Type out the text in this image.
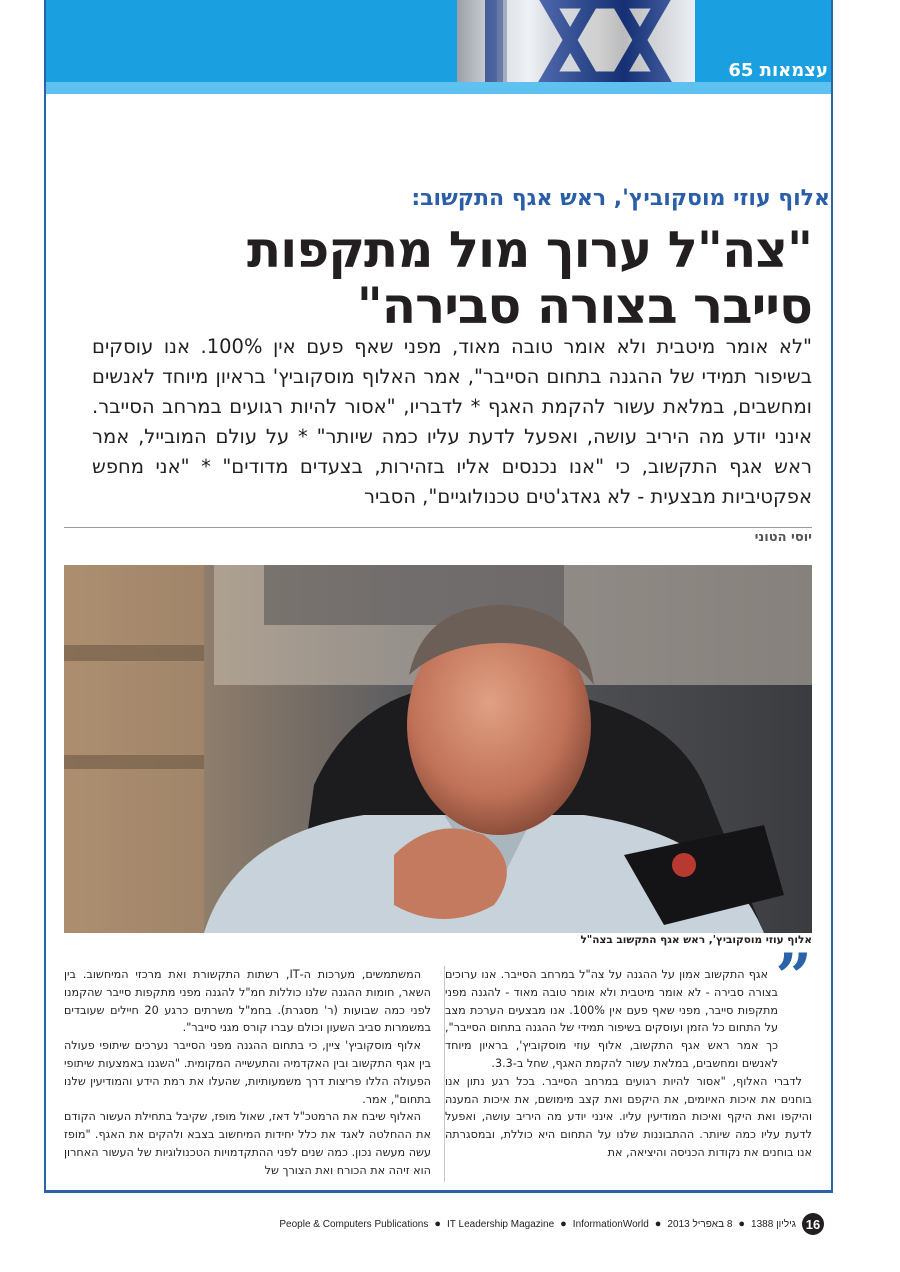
עצמאות 65
אלוף עוזי מוסקוביץ', ראש אגף התקשוב:
"צה"ל ערוך מול מתקפות סייבר בצורה סבירה"
"לא אומר מיטבית ולא אומר טובה מאוד, מפני שאף פעם אין 100%. אנו עוסקים בשיפור תמידי של ההגנה בתחום הסייבר", אמר האלוף מוסקוביץ' בראיון מיוחד לאנשים ומחשבים, במלאת עשור להקמת האגף * לדבריו, "אסור להיות רגועים במרחב הסייבר. אינני יודע מה היריב עושה, ואפעל לדעת עליו כמה שיותר" * על עולם המובייל, אמר ראש אגף התקשוב, כי "אנו נכנסים אליו בזהירות, בצעדים מדודים" * "אני מחפש אפקטיביות מבצעית - לא גאדג'טים טכנולוגיים", הסביר
יוסי הטוני
אלוף עוזי מוסקוביץ', ראש אגף התקשוב בצה"ל
”

אגף התקשוב אמון על ההגנה על צה"ל במרחב הסייבר. אנו ערוכים בצורה סבירה - לא אומר מיטבית ולא אומר טובה מאוד - להגנה מפני מתקפות סייבר, מפני שאף פעם אין 100%. אנו מבצעים הערכת מצב על התחום כל הזמן ועוסקים בשיפור תמידי של ההגנה בתחום הסייבר", כך אמר ראש אגף התקשוב, אלוף עוזי מוסקוביץ', בראיון מיוחד לאנשים ומחשבים, במלאת עשור להקמת האגף, שחל ב-3.3.

לדברי האלוף, "אסור להיות רגועים במרחב הסייבר. בכל רגע נתון אנו בוחנים את איכות האיומים, את היקפם ואת קצב מימושם, את איכות המענה והיקפו ואת היקף ואיכות המודיעין עליו. אינני יודע מה היריב עושה, ואפעל לדעת עליו כמה שיותר. ההתבוננות שלנו על התחום היא כוללת, ובמסגרתה אנו בוחנים את נקודות הכניסה והיציאה, את

המשתמשים, מערכות ה-IT, רשתות התקשורת ואת מרכזי המיחשוב. בין השאר, חומות ההגנה שלנו כוללות חמ"ל להגנה מפני מתקפות סייבר שהקמנו לפני כמה שבועות (ר' מסגרת). בחמ"ל משרתים כרגע 20 חיילים שעובדים במשמרות סביב השעון וכולם עברו קורס מגני סייבר".

אלוף מוסקוביץ' ציין, כי בתחום ההגנה מפני הסייבר נערכים שיתופי פעולה בין אגף התקשוב ובין האקדמיה והתעשייה המקומית. "השגנו באמצעות שיתופי הפעולה הללו פריצות דרך משמעותיות, שהעלו את רמת הידע והמודיעין שלנו בתחום", אמר.

האלוף שיבח את הרמטכ"ל דאז, שאול מופז, שקיבל בתחילת העשור הקודם את ההחלטה לאגד את כלל יחידות המיחשוב בצבא ולהקים את האגף. "מופז עשה מעשה נכון. כמה שנים לפני ההתקדמויות הטכנולוגיות של העשור האחרון הוא זיהה את הכורח ואת הצורך של

People & Computers Publications ● IT Leadership Magazine ● InformationWorld ● 8 באפריל 2013 ● גיליון 1388 16
